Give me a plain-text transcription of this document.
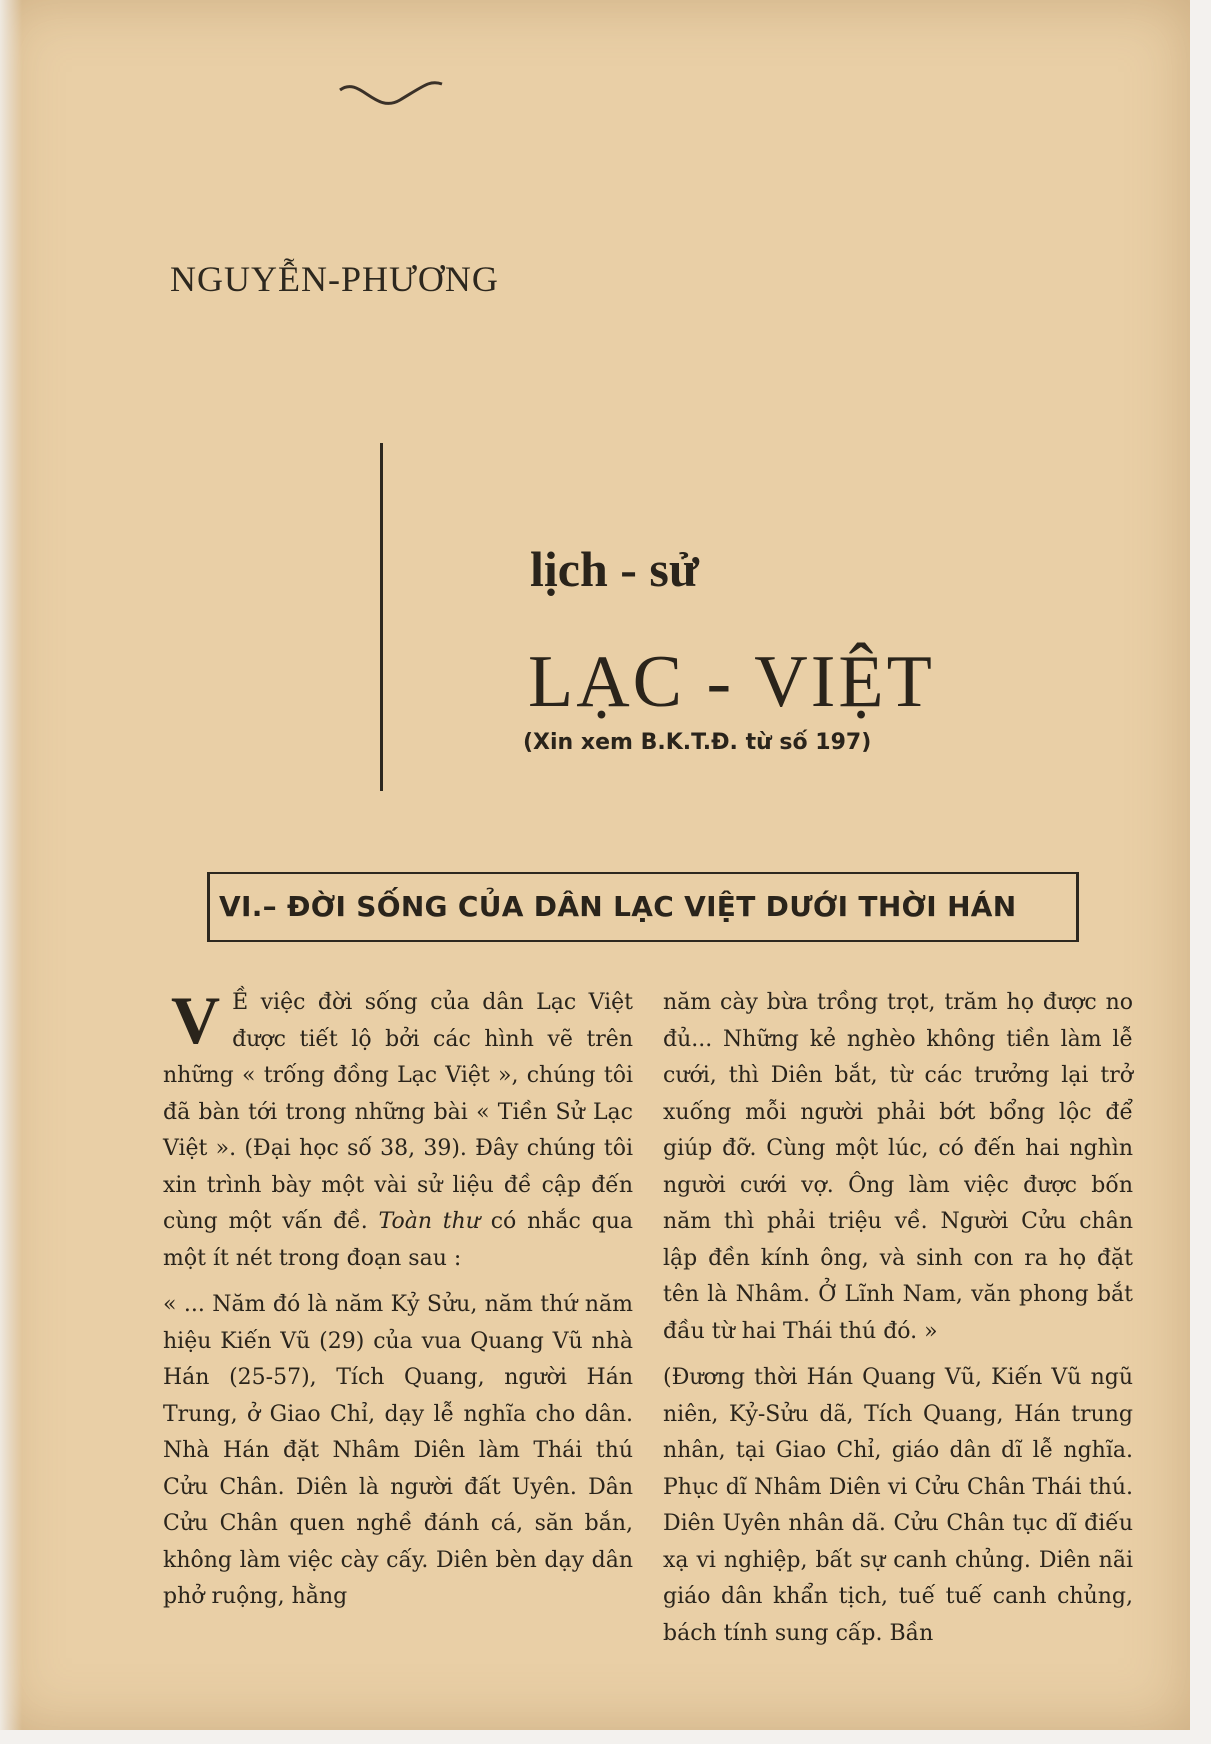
NGUYỄN-PHƯƠNG
lịch - sử
LẠC - VIỆT
(Xin xem B.K.T.Đ. từ số 197)
VI.– ĐỜI SỐNG CỦA DÂN LẠC VIỆT DƯỚI THỜI HÁN

V Ề việc đời sống của dân Lạc Việt được tiết lộ bởi các hình vẽ trên những « trống đồng Lạc Việt », chúng tôi đã bàn tới trong những bài « Tiền Sử Lạc Việt ». (Đại học số 38, 39). Đây chúng tôi xin trình bày một vài sử liệu đề cập đến cùng một vấn đề. Toàn thư có nhắc qua một ít nét trong đoạn sau :

« ... Năm đó là năm Kỷ Sửu, năm thứ năm hiệu Kiến Vũ (29) của vua Quang Vũ nhà Hán (25-57), Tích Quang, người Hán Trung, ở Giao Chỉ, dạy lễ nghĩa cho dân. Nhà Hán đặt Nhâm Diên làm Thái thú Cửu Chân. Diên là người đất Uyên. Dân Cửu Chân quen nghề đánh cá, săn bắn, không làm việc cày cấy. Diên bèn dạy dân phở ruộng, hằng

năm cày bừa trồng trọt, trăm họ được no đủ... Những kẻ nghèo không tiền làm lễ cưới, thì Diên bắt, từ các trưởng lại trở xuống mỗi người phải bớt bổng lộc để giúp đỡ. Cùng một lúc, có đến hai nghìn người cưới vợ. Ông làm việc được bốn năm thì phải triệu về. Người Cửu chân lập đền kính ông, và sinh con ra họ đặt tên là Nhâm. Ở Lĩnh Nam, văn phong bắt đầu từ hai Thái thú đó. »

(Đương thời Hán Quang Vũ, Kiến Vũ ngũ niên, Kỷ-Sửu dã, Tích Quang, Hán trung nhân, tại Giao Chỉ, giáo dân dĩ lễ nghĩa. Phục dĩ Nhâm Diên vi Cửu Chân Thái thú. Diên Uyên nhân dã. Cửu Chân tục dĩ điếu xạ vi nghiệp, bất sự canh chủng. Diên nãi giáo dân khẩn tịch, tuế tuế canh chủng, bách tính sung cấp. Bần
